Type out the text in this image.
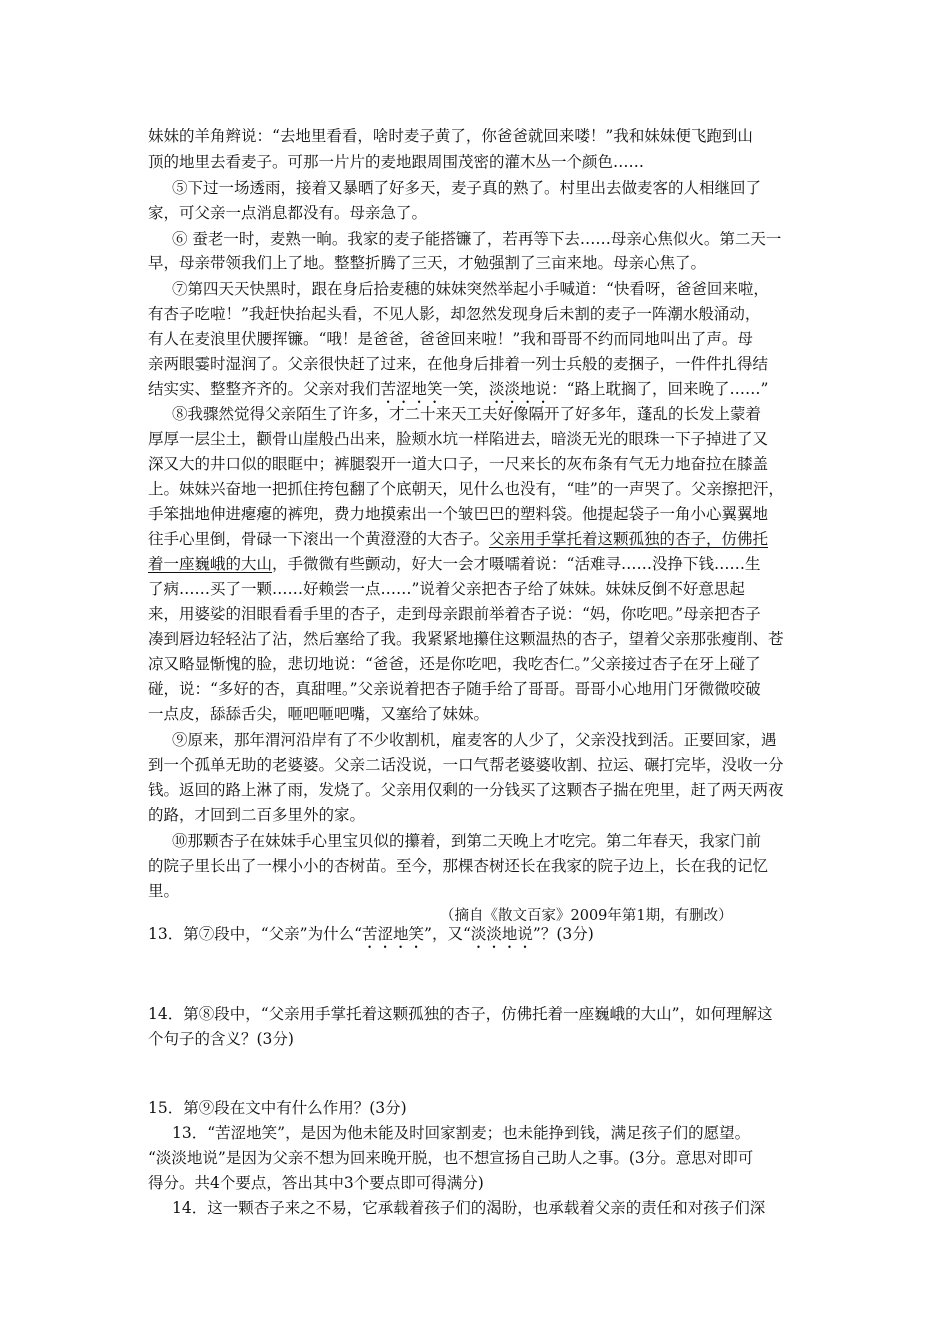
妹妹的羊角辫说：“去地里看看，啥时麦子黄了，你爸爸就回来喽！”我和妹妹便飞跑到山
顶的地里去看麦子。可那一片片的麦地跟周围茂密的灌木丛一个颜色……
⑤下过一场透雨，接着又暴晒了好多天，麦子真的熟了。村里出去做麦客的人相继回了
家，可父亲一点消息都没有。母亲急了。
⑥ 蚕老一时，麦熟一晌。我家的麦子能搭镰了，若再等下去……母亲心焦似火。第二天一
早，母亲带领我们上了地。整整折腾了三天，才勉强割了三亩来地。母亲心焦了。
⑦第四天天快黑时，跟在身后拾麦穗的妹妹突然举起小手喊道：“快看呀，爸爸回来啦，
有杏子吃啦！”我赶快抬起头看，不见人影，却忽然发现身后未割的麦子一阵潮水般涌动，
有人在麦浪里伏腰挥镰。“哦！是爸爸，爸爸回来啦！”我和哥哥不约而同地叫出了声。母
亲两眼霎时湿润了。父亲很快赶了过来，在他身后排着一列士兵般的麦捆子，一件件扎得结
结实实、整整齐齐的。父亲对我们苦涩地笑一笑，淡淡地说：“路上耽搁了，回来晚了……”
⑧我骤然觉得父亲陌生了许多，才二十来天工夫好像隔开了好多年，蓬乱的长发上蒙着
厚厚一层尘土，颧骨山崖般凸出来，脸颊水坑一样陷进去，暗淡无光的眼珠一下子掉进了又
深又大的井口似的眼眶中；裤腿裂开一道大口子，一尺来长的灰布条有气无力地奋拉在膝盖
上。妹妹兴奋地一把抓住挎包翻了个底朝天，见什么也没有，“哇”的一声哭了。父亲擦把汗，
手笨拙地伸进瘪瘪的裤兜，费力地摸索出一个皱巴巴的塑料袋。他提起袋子一角小心翼翼地
往手心里倒，骨碌一下滚出一个黄澄澄的大杏子。父亲用手掌托着这颗孤独的杏子，仿佛托
着一座巍峨的大山，手微微有些颤动，好大一会才嗫嚅着说：“活难寻……没挣下钱……生
了病……买了一颗……好赖尝一点……”说着父亲把杏子给了妹妹。妹妹反倒不好意思起
来，用婆娑的泪眼看看手里的杏子，走到母亲跟前举着杏子说：“妈，你吃吧。”母亲把杏子
凑到唇边轻轻沾了沾，然后塞给了我。我紧紧地攥住这颗温热的杏子，望着父亲那张瘦削、苍
凉又略显惭愧的脸，悲切地说：“爸爸，还是你吃吧，我吃杏仁。”父亲接过杏子在牙上碰了
碰，说：“多好的杏，真甜哩。”父亲说着把杏子随手给了哥哥。哥哥小心地用门牙微微咬破
一点皮，舔舔舌尖，咂吧咂吧嘴，又塞给了妹妹。
⑨原来，那年渭河沿岸有了不少收割机，雇麦客的人少了，父亲没找到活。正要回家，遇
到一个孤单无助的老婆婆。父亲二话没说，一口气帮老婆婆收割、拉运、碾打完毕，没收一分
钱。返回的路上淋了雨，发烧了。父亲用仅剩的一分钱买了这颗杏子揣在兜里，赶了两天两夜
的路，才回到二百多里外的家。
⑩那颗杏子在妹妹手心里宝贝似的攥着，到第二天晚上才吃完。第二年春天，我家门前
的院子里长出了一棵小小的杏树苗。至今，那棵杏树还长在我家的院子边上，长在我的记忆
里。
（摘自《散文百家》2009年第1期，有删改）
13．第⑦段中，“父亲”为什么“苦涩地笑”，又“淡淡地说”？(3分)
14．第⑧段中，“父亲用手掌托着这颗孤独的杏子，仿佛托着一座巍峨的大山”，如何理解这
个句子的含义？(3分)
15．第⑨段在文中有什么作用？(3分)
13．“苦涩地笑”，是因为他未能及时回家割麦；也未能挣到钱，满足孩子们的愿望。
“淡淡地说”是因为父亲不想为回来晚开脱，也不想宣扬自己助人之事。(3分。意思对即可
得分。共4个要点，答出其中3个要点即可得满分)
14．这一颗杏子来之不易，它承载着孩子们的渴盼，也承载着父亲的责任和对孩子们深
